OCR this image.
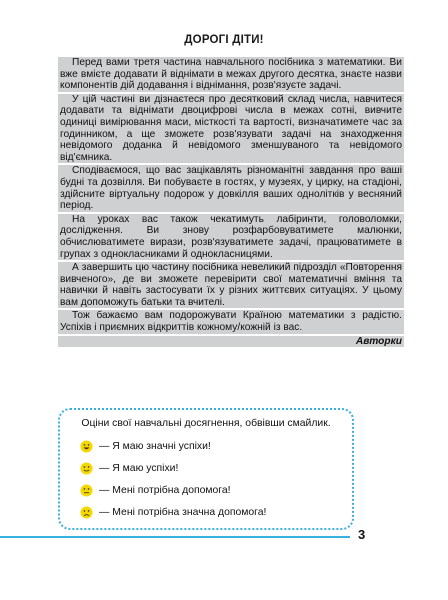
ДОРОГІ ДІТИ!

Перед вами третя частина навчального посібника з математики. Ви вже вмієте додавати й віднімати в межах другого десятка, знаєте назви компонентів дій додавання і віднімання, розв'язуєте задачі.

У цій частині ви дізнаєтеся про десятковий склад числа, навчитеся додавати та віднімати двоцифрові числа в межах сотні, вивчите одиниці вимірювання маси, місткості та вартості, визначатимете час за годинником, а ще зможете розв'язувати задачі на знаходження невідомого доданка й невідомого зменшуваного та невідомого від'ємника.

Сподіваємося, що вас зацікавлять різноманітні завдання про ваші будні та дозвілля. Ви побуваєте в гостях, у музеях, у цирку, на стадіоні, здійсните віртуальну подорож у довкілля ваших однолітків у весняний період.

На уроках вас також чекатимуть лабіринти, головоломки, дослідження. Ви знову розфарбовуватимете малюнки, обчислюватимете вирази, розв'язуватимете задачі, працюватимете в групах з однокласниками й однокласницями.

А завершить цю частину посібника невеликий підрозділ «Повторення вивченого», де ви зможете перевірити свої математичні вміння та навички й навіть застосувати їх у різних життєвих ситуаціях. У цьому вам допоможуть батьки та вчителі.

Тож бажаємо вам подорожувати Країною математики з радістю. Успіхів і приємних відкриттів кожному/кожній із вас.

Авторки

Оціни свої навчальні досягнення, обвівши смайлик.
— Я маю значні успіхи!
— Я маю успіхи!
— Мені потрібна допомога!
— Мені потрібна значна допомога!
3
